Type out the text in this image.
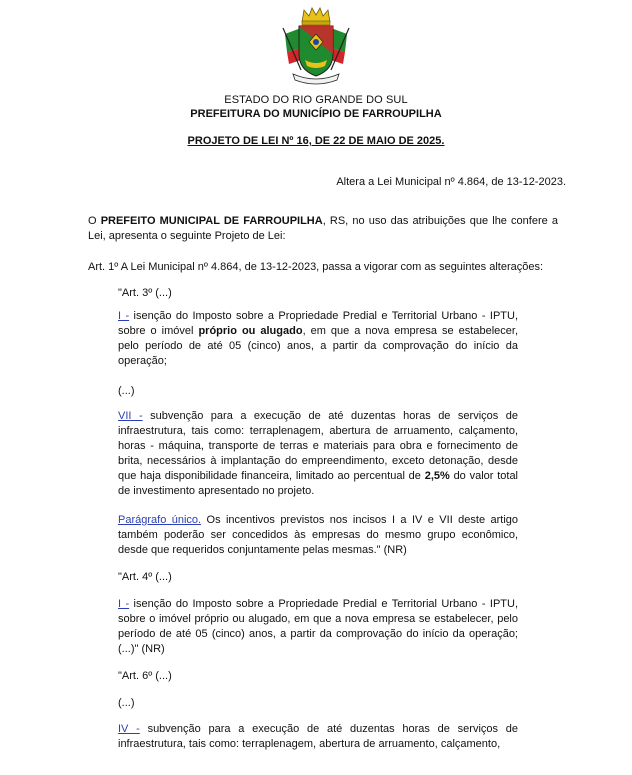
ESTADO DO RIO GRANDE DO SUL
PREFEITURA DO MUNICÍPIO DE FARROUPILHA
PROJETO DE LEI Nº 16, DE 22 DE MAIO DE 2025.

Altera a Lei Municipal nº 4.864, de 13-12-2023.

O PREFEITO MUNICIPAL DE FARROUPILHA, RS, no uso das atribuições que lhe confere a Lei, apresenta o seguinte Projeto de Lei:

Art. 1º A Lei Municipal nº 4.864, de 13-12-2023, passa a vigorar com as seguintes alterações:

"Art. 3º (...)

I - isenção do Imposto sobre a Propriedade Predial e Territorial Urbano - IPTU, sobre o imóvel próprio ou alugado, em que a nova empresa se estabelecer, pelo período de até 05 (cinco) anos, a partir da comprovação do início da operação;

(...)

VII - subvenção para a execução de até duzentas horas de serviços de infraestrutura, tais como: terraplenagem, abertura de arruamento, calçamento, horas - máquina, transporte de terras e materiais para obra e fornecimento de brita, necessários à implantação do empreendimento, exceto detonação, desde que haja disponibilidade financeira, limitado ao percentual de 2,5% do valor total de investimento apresentado no projeto.

Parágrafo único. Os incentivos previstos nos incisos I a IV e VII deste artigo também poderão ser concedidos às empresas do mesmo grupo econômico, desde que requeridos conjuntamente pelas mesmas." (NR)

"Art. 4º (...)

I - isenção do Imposto sobre a Propriedade Predial e Territorial Urbano - IPTU, sobre o imóvel próprio ou alugado, em que a nova empresa se estabelecer, pelo período de até 05 (cinco) anos, a partir da comprovação do início da operação; (...)" (NR)

"Art. 6º (...)

(...)

IV - subvenção para a execução de até duzentas horas de serviços de infraestrutura, tais como: terraplenagem, abertura de arruamento, calçamento,
